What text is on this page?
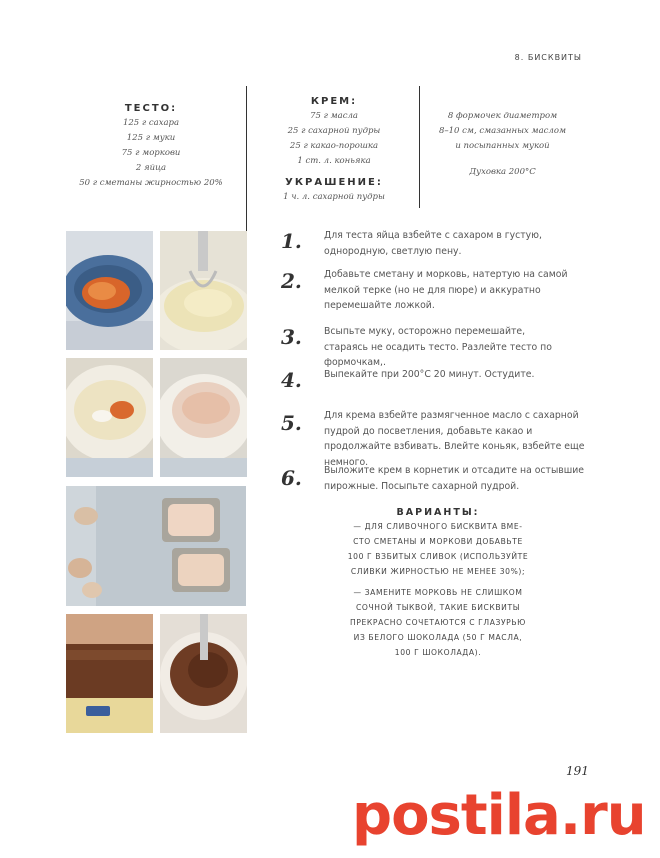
8. БИСКВИТЫ
ТЕСТО:
125 г сахара
125 г муки
75 г моркови
2 яйца
50 г сметаны жирностью 20%
КРЕМ:
75 г масла
25 г сахарной пудры
25 г какао-порошка
1 ст. л. коньяка
УКРАШЕНИЕ:
1 ч. л. сахарной пудры
8 формочек диаметром
8–10 см, смазанных маслом
и посыпанных мукой
Духовка 200°C
1. Для теста яйца взбейте с сахаром в густую, однородную, светлую пену.
2. Добавьте сметану и морковь, натертую на самой мелкой терке (но не для пюре) и аккуратно перемешайте ложкой.
3. Всыпьте муку, осторожно перемешайте, стараясь не осадить тесто. Разлейте тесто по формочкам,.
4. Выпекайте при 200°C 20 минут. Остудите.
5. Для крема взбейте размягченное масло с сахарной пудрой до посветления, добавьте какао и продолжайте взбивать. Влейте коньяк, взбейте еще немного.
6. Выложите крем в корнетик и отсадите на остывшие пирожные. Посыпьте сахарной пудрой.
ВАРИАНТЫ:
— ДЛЯ СЛИВОЧНОГО БИСКВИТА ВМЕ-
СТО СМЕТАНЫ И МОРКОВИ ДОБАВЬТЕ
100 Г ВЗБИТЫХ СЛИВОК (ИСПОЛЬЗУЙТЕ
СЛИВКИ ЖИРНОСТЬЮ НЕ МЕНЕЕ 30%);
— ЗАМЕНИТЕ МОРКОВЬ НЕ СЛИШКОМ
СОЧНОЙ ТЫКВОЙ, ТАКИЕ БИСКВИТЫ
ПРЕКРАСНО СОЧЕТАЮТСЯ С ГЛАЗУРЬЮ
ИЗ БЕЛОГО ШОКОЛАДА (50 Г МАСЛА,
100 Г ШОКОЛАДА).
191
postila.ru
